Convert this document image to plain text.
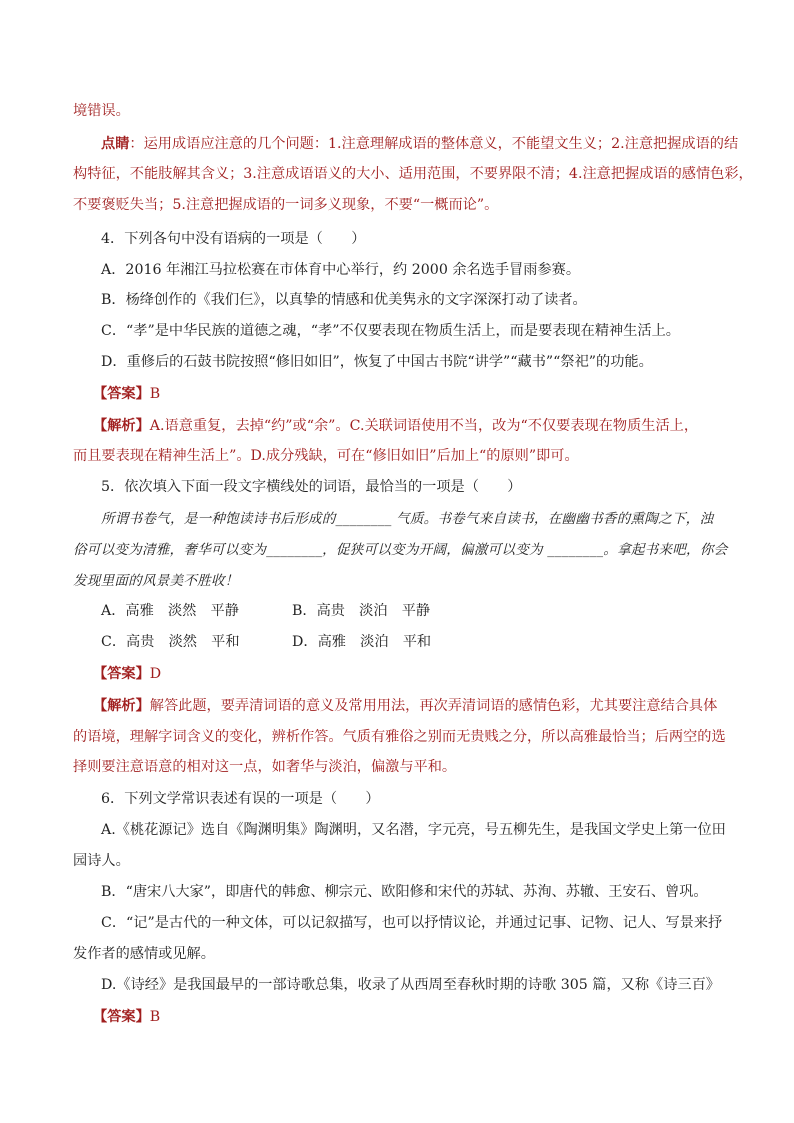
境错误。
点睛：运用成语应注意的几个问题：1.注意理解成语的整体意义，不能望文生义；2.注意把握成语的结
构特征，不能肢解其含义；3.注意成语语义的大小、适用范围，不要界限不清；4.注意把握成语的感情色彩，
不要褒贬失当；5.注意把握成语的一词多义现象，不要“一概而论”。
4．下列各句中没有语病的一项是（　　）
A．2016 年湘江马拉松赛在市体育中心举行，约 2000 余名选手冒雨参赛。
B．杨绛创作的《我们仨》，以真挚的情感和优美隽永的文字深深打动了读者。
C．“孝”是中华民族的道德之魂，“孝”不仅要表现在物质生活上，而是要表现在精神生活上。
D．重修后的石鼓书院按照“修旧如旧”，恢复了中国古书院“讲学”“藏书”“祭祀”的功能。
【答案】B
【解析】A.语意重复，去掉“约”或“余”。C.关联词语使用不当，改为“不仅要表现在物质生活上，
而且要表现在精神生活上”。D.成分残缺，可在“修旧如旧”后加上“的原则”即可。
5．依次填入下面一段文字横线处的词语，最恰当的一项是（　　）
所谓书卷气，是一种饱读诗书后形成的________ 气质。书卷气来自读书，在幽幽书香的熏陶之下，浊
俗可以变为清雅，奢华可以变为________，促狭可以变为开阔，偏激可以变为 ________。拿起书来吧，你会
发现里面的风景美不胜收！
A．高雅　淡然　平静	B．高贵　淡泊　平静
C．高贵　淡然　平和	D．高雅　淡泊　平和
【答案】D
【解析】解答此题，要弄清词语的意义及常用用法，再次弄清词语的感情色彩，尤其要注意结合具体
的语境，理解字词含义的变化，辨析作答。气质有雅俗之别而无贵贱之分，所以高雅最恰当；后两空的选
择则要注意语意的相对这一点，如奢华与淡泊，偏激与平和。
6．下列文学常识表述有误的一项是（　　）
A.《桃花源记》选自《陶渊明集》陶渊明，又名潜，字元亮，号五柳先生，是我国文学史上第一位田
园诗人。
B．“唐宋八大家”，即唐代的韩愈、柳宗元、欧阳修和宋代的苏轼、苏洵、苏辙、王安石、曾巩。
C．“记”是古代的一种文体，可以记叙描写，也可以抒情议论，并通过记事、记物、记人、写景来抒
发作者的感情或见解。
D.《诗经》是我国最早的一部诗歌总集，收录了从西周至春秋时期的诗歌 305 篇，又称《诗三百》
【答案】B
